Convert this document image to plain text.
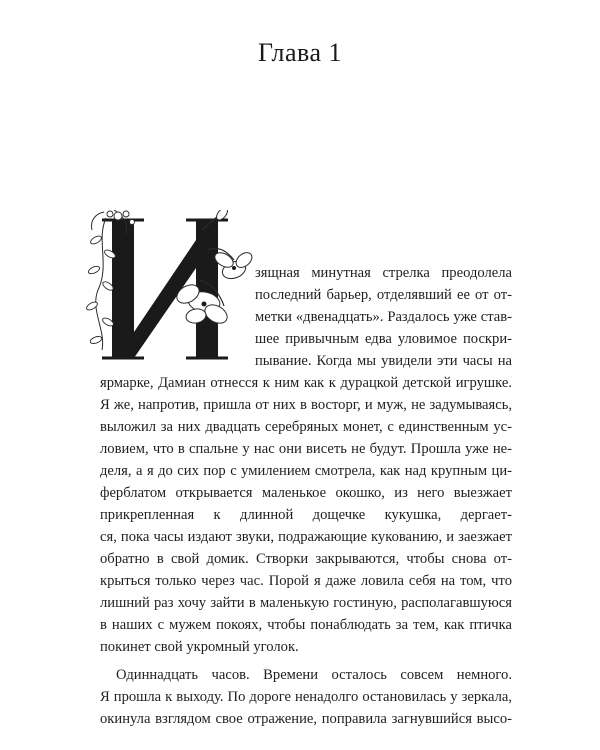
Глава 1
зящная минутная стрелка преодолела
последний барьер, отделявший ее от от-
метки «двенадцать». Раздалось уже став-
шее привычным едва уловимое поскри-
пывание. Когда мы увидели эти часы на
ярмарке, Дамиан отнесся к ним как к дурацкой детской игрушке.
Я же, напротив, пришла от них в восторг, и муж, не задумываясь,
выложил за них двадцать серебряных монет, с единственным ус-
ловием, что в спальне у нас они висеть не будут. Прошла уже не-
деля, а я до сих пор с умилением смотрела, как над крупным ци-
ферблатом открывается маленькое окошко, из него выезжает
прикрепленная к длинной дощечке кукушка, дергает-
ся, пока часы издают звуки, подражающие кукованию, и заезжает
обратно в свой домик. Створки закрываются, чтобы снова от-
крыться только через час. Порой я даже ловила себя на том, что
лишний раз хочу зайти в маленькую гостиную, располагавшуюся
в наших с мужем покоях, чтобы понаблюдать за тем, как птичка
покинет свой укромный уголок.
Одиннадцать часов. Времени осталось совсем немного.
Я прошла к выходу. По дороге ненадолго остановилась у зеркала,
окинула взглядом свое отражение, поправила загнувшийся высо-
